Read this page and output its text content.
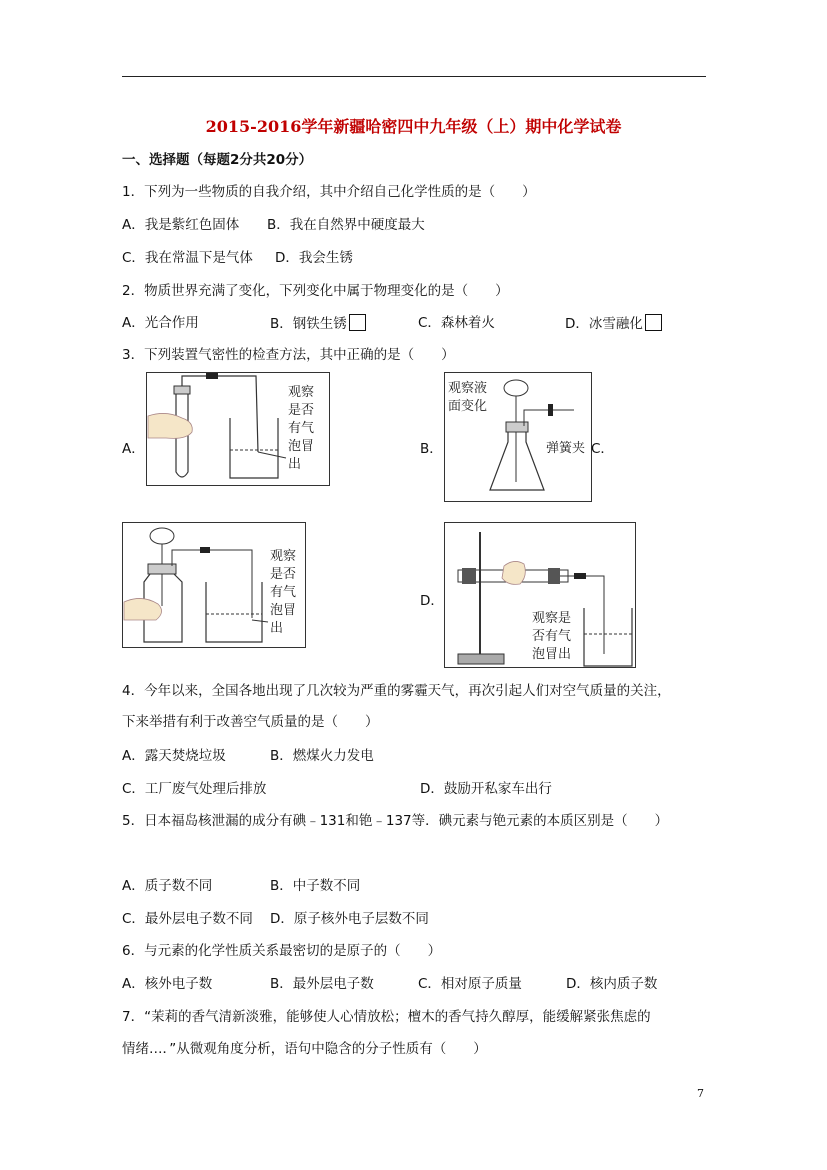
2015-2016学年新疆哈密四中九年级（上）期中化学试卷
一、选择题（每题2分共20分）
1．下列为一些物质的自我介绍，其中介绍自己化学性质的是（　　）
A．我是紫红色固体 B．我在自然界中硬度最大
C．我在常温下是气体 D．我会生锈
2．物质世界充满了变化，下列变化中属于物理变化的是（　　）
A．光合作用	B．钢铁生锈	C．森林着火	D．冰雪融化
3．下列装置气密性的检查方法，其中正确的是（　　）
A．
观察
是否
有气
泡冒
出
B．
观察液
面变化
弹簧夹 C．
观察
是否
有气
泡冒
出
D．
观察是
否有气
泡冒出
4．今年以来，全国各地出现了几次较为严重的雾霾天气，再次引起人们对空气质量的关注，
下来举措有利于改善空气质量的是（　　）
A．露天焚烧垃圾	B．燃煤火力发电
C．工厂废气处理后排放	D．鼓励开私家车出行
5．日本福岛核泄漏的成分有碘﹣131和铯﹣137等．碘元素与铯元素的本质区别是（　　）
A．质子数不同	B．中子数不同
C．最外层电子数不同 D．原子核外电子层数不同
6．与元素的化学性质关系最密切的是原子的（　　）
A．核外电子数	B．最外层电子数	C．相对原子质量	D．核内质子数
7．“茉莉的香气清新淡雅，能够使人心情放松；檀木的香气持久醇厚，能缓解紧张焦虑的
情绪…．”从微观角度分析，语句中隐含的分子性质有（　　）
7
